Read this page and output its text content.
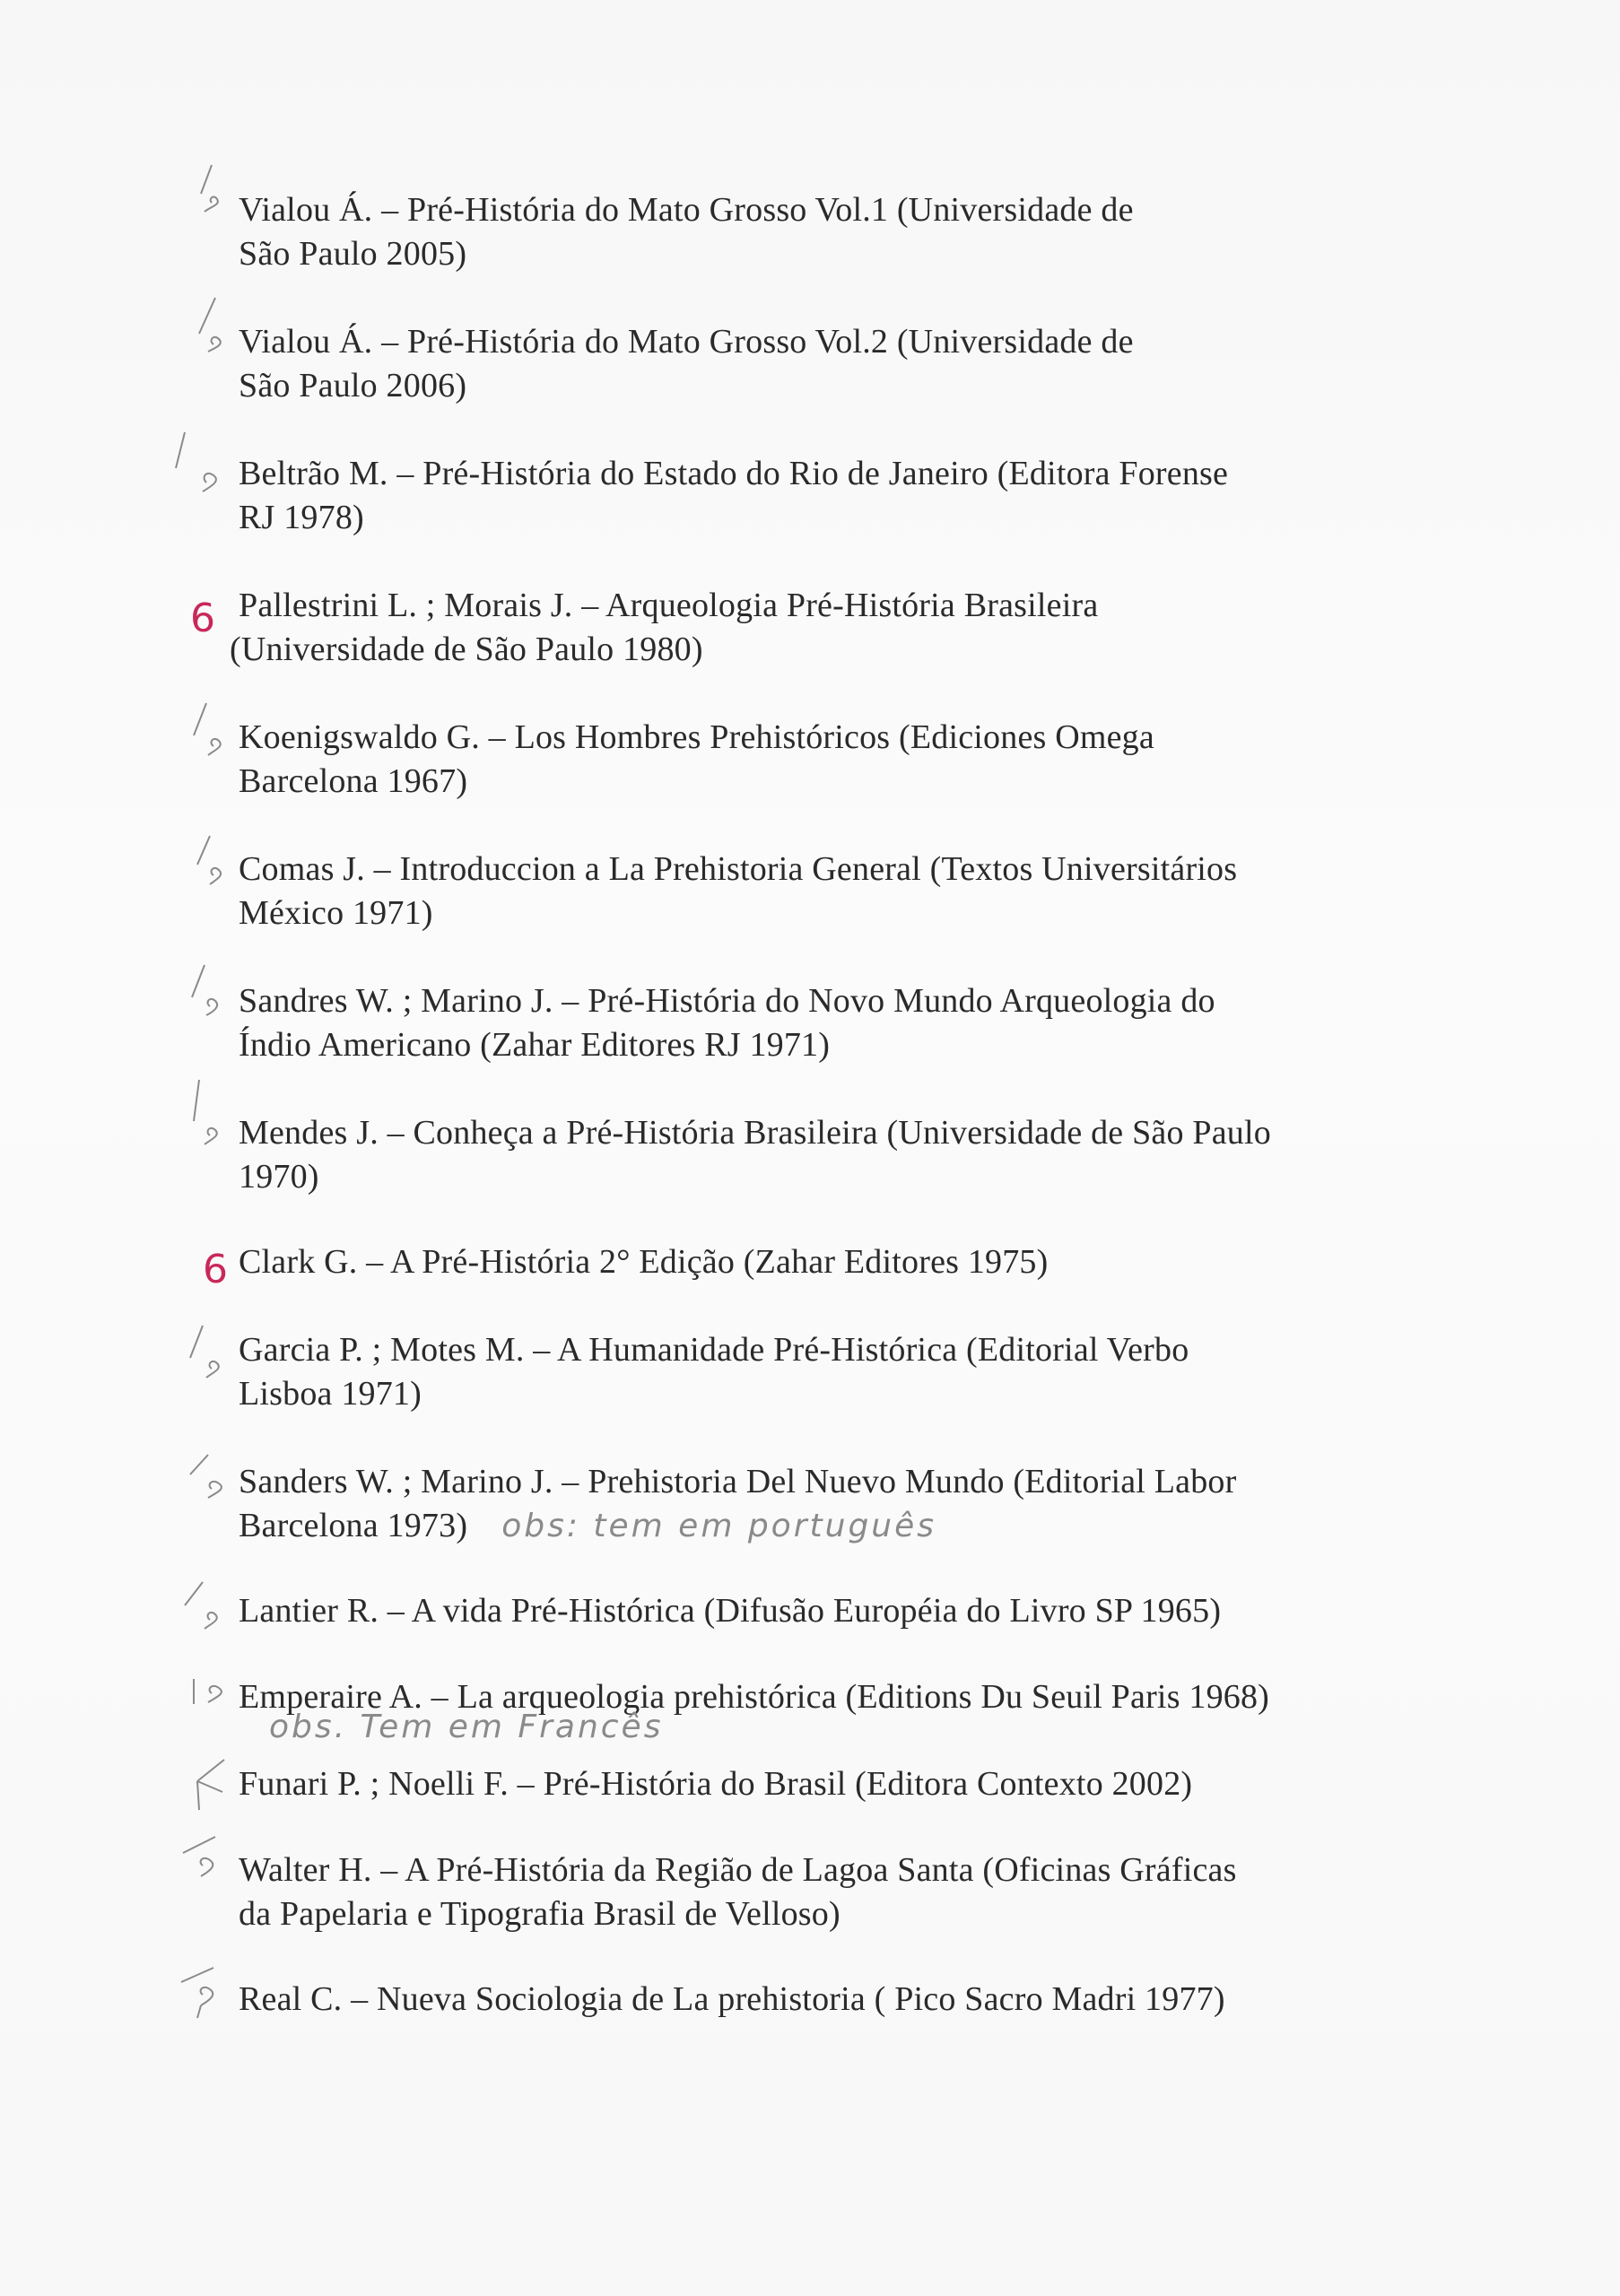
Vialou Á. – Pré-História do Mato Grosso Vol.1 (Universidade de
São Paulo 2005)
Vialou Á. – Pré-História do Mato Grosso Vol.2 (Universidade de
São Paulo 2006)
Beltrão M. – Pré-História do Estado do Rio de Janeiro (Editora Forense
RJ 1978)
6 Pallestrini L. ; Morais J. – Arqueologia Pré-História Brasileira
(Universidade de São Paulo 1980)
Koenigswaldo G. – Los Hombres Prehistóricos (Ediciones Omega
Barcelona 1967)
Comas J. – Introduccion a La Prehistoria General (Textos Universitários
México 1971)
Sandres W. ; Marino J. – Pré-História do Novo Mundo Arqueologia do
Índio Americano (Zahar Editores RJ 1971)
Mendes J. – Conheça a Pré-História Brasileira (Universidade de São Paulo
1970)
6 Clark G. – A Pré-História 2° Edição (Zahar Editores 1975)
Garcia P. ; Motes M. – A Humanidade Pré-Histórica (Editorial Verbo
Lisboa 1971)
Sanders W. ; Marino J. – Prehistoria Del Nuevo Mundo (Editorial Labor
Barcelona 1973) obs: tem em português
Lantier R. – A vida Pré-Histórica (Difusão Européia do Livro SP 1965)
Emperaire A. – La arqueologia prehistórica (Editions Du Seuil Paris 1968)
obs. Tem em Francês
Funari P. ; Noelli F. – Pré-História do Brasil (Editora Contexto 2002)
Walter H. – A Pré-História da Região de Lagoa Santa (Oficinas Gráficas
da Papelaria e Tipografia Brasil de Velloso)
Real C. – Nueva Sociologia de La prehistoria ( Pico Sacro Madri 1977)
